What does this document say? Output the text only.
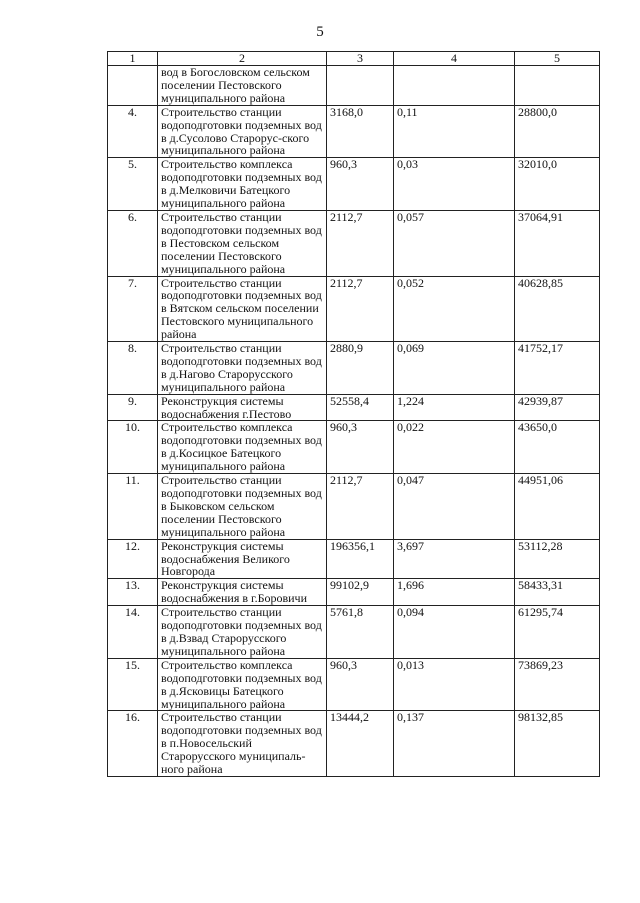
5
1	2	3	4	5
	вод в Богословском сельском поселении Пестовского муниципального района			
4.	Строительство станции водоподготовки подземных вод в д.Сусолово Старорус-ского муниципального района	3168,0	0,11	28800,0
5.	Строительство комплекса водоподготовки подземных вод в д.Мелковичи Батецкого муниципального района	960,3	0,03	32010,0
6.	Строительство станции водоподготовки подземных вод в Пестовском сельском поселении Пестовского муниципального района	2112,7	0,057	37064,91
7.	Строительство станции водоподготовки подземных вод в Вятском сельском поселении Пестовского муниципального района	2112,7	0,052	40628,85
8.	Строительство станции водоподготовки подземных вод в д.Нагово Старорусского муниципального района	2880,9	0,069	41752,17
9.	Реконструкция системы водоснабжения г.Пестово	52558,4	1,224	42939,87
10.	Строительство комплекса водоподготовки подземных вод в д.Косицкое Батецкого муниципального района	960,3	0,022	43650,0
11.	Строительство станции водоподготовки подземных вод в Быковском сельском поселении Пестовского муниципального района	2112,7	0,047	44951,06
12.	Реконструкция системы водоснабжения Великого Новгорода	196356,1	3,697	53112,28
13.	Реконструкция системы водоснабжения в г.Боровичи	99102,9	1,696	58433,31
14.	Строительство станции водоподготовки подземных вод в д.Взвад Старорусского муниципального района	5761,8	0,094	61295,74
15.	Строительство комплекса водоподготовки подземных вод в д.Ясковицы Батецкого муниципального района	960,3	0,013	73869,23
16.	Строительство станции водоподготовки подземных вод в п.Новосельский Старорусского муниципаль-ного района	13444,2	0,137	98132,85
